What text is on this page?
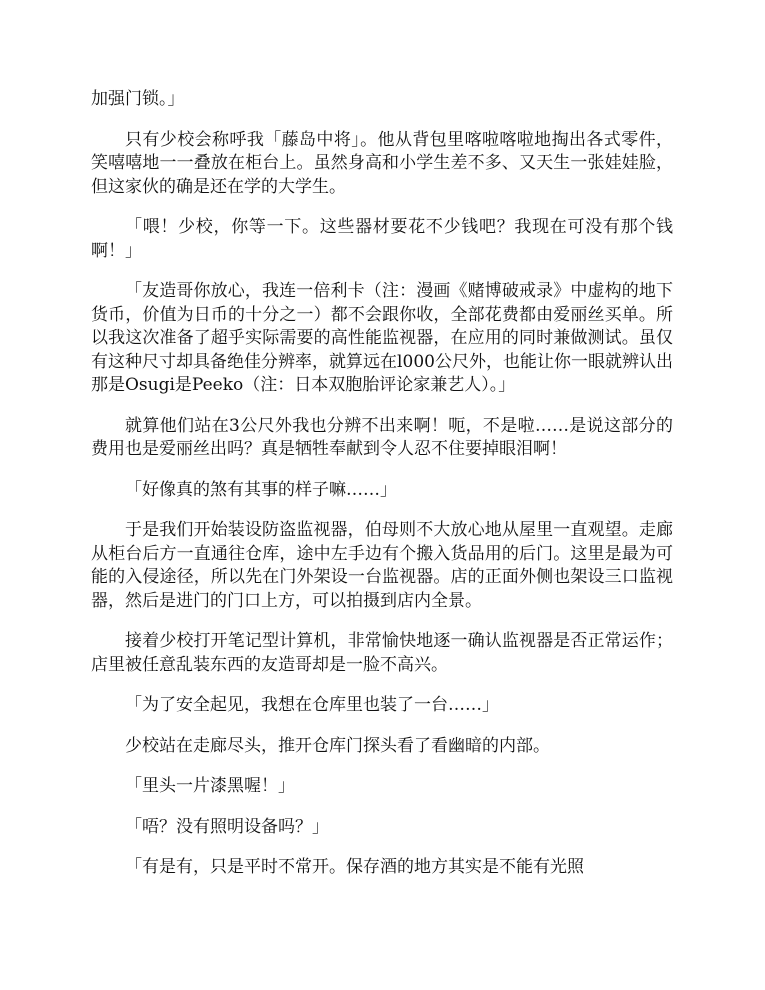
加强门锁。」

只有少校会称呼我「藤岛中将」。他从背包里喀啦喀啦地掏出各式零件，笑嘻嘻地一一叠放在柜台上。虽然身高和小学生差不多、又天生一张娃娃脸，但这家伙的确是还在学的大学生。

「喂！少校，你等一下。这些器材要花不少钱吧？我现在可没有那个钱啊！」

「友造哥你放心，我连一倍利卡（注：漫画《赌博破戒录》中虚构的地下货币，价值为日币的十分之一）都不会跟你收，全部花费都由爱丽丝买单。所以我这次准备了超乎实际需要的高性能监视器，在应用的同时兼做测试。虽仅有这种尺寸却具备绝佳分辨率，就算远在l000公尺外，也能让你一眼就辨认出那是Osugi是Peeko（注：日本双胞胎评论家兼艺人）。」

就算他们站在3公尺外我也分辨不出来啊！呃，不是啦……是说这部分的费用也是爱丽丝出吗？真是牺牲奉献到令人忍不住要掉眼泪啊！

「好像真的煞有其事的样子嘛……」

于是我们开始装设防盗监视器，伯母则不大放心地从屋里一直观望。走廊从柜台后方一直通往仓库，途中左手边有个搬入货品用的后门。这里是最为可能的入侵途径，所以先在门外架设一台监视器。店的正面外侧也架设三口监视器，然后是进门的门口上方，可以拍摄到店内全景。

接着少校打开笔记型计算机，非常愉快地逐一确认监视器是否正常运作；店里被任意乱装东西的友造哥却是一脸不高兴。

「为了安全起见，我想在仓库里也装了一台……」

少校站在走廊尽头，推开仓库门探头看了看幽暗的内部。

「里头一片漆黑喔！」

「唔？没有照明设备吗？」

「有是有，只是平时不常开。保存酒的地方其实是不能有光照
